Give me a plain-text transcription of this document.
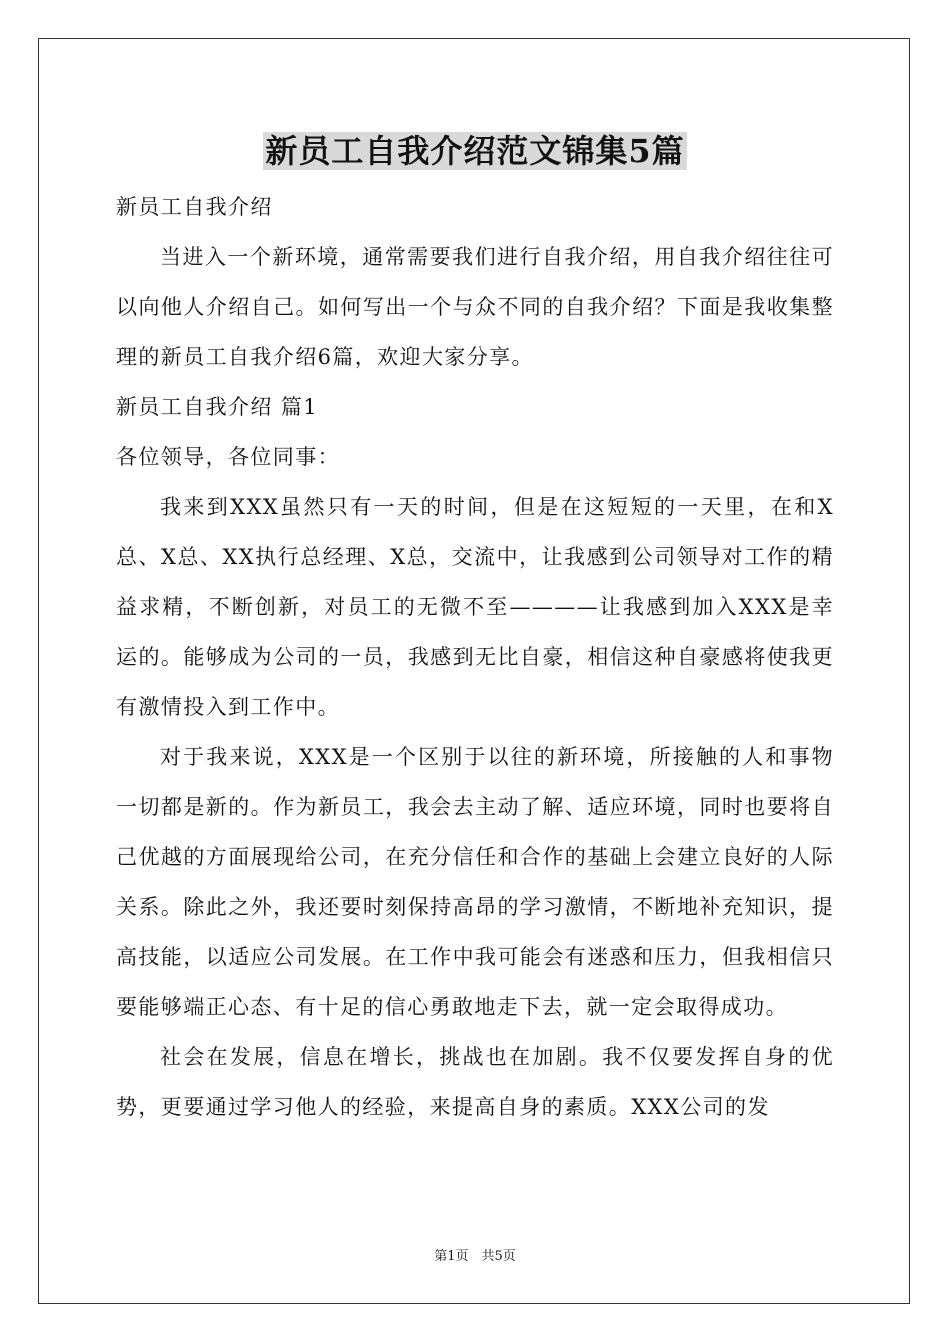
新员工自我介绍范文锦集5篇

新员工自我介绍

当进入一个新环境，通常需要我们进行自我介绍，用自我介绍往往可以向他人介绍自己。如何写出一个与众不同的自我介绍？下面是我收集整理的新员工自我介绍6篇，欢迎大家分享。

新员工自我介绍 篇1

各位领导，各位同事：

我来到XXX虽然只有一天的时间，但是在这短短的一天里，在和X总、X总、XX执行总经理、X总，交流中，让我感到公司领导对工作的精益求精，不断创新，对员工的无微不至————让我感到加入XXX是幸运的。能够成为公司的一员，我感到无比自豪，相信这种自豪感将使我更有激情投入到工作中。

对于我来说，XXX是一个区别于以往的新环境，所接触的人和事物一切都是新的。作为新员工，我会去主动了解、适应环境，同时也要将自己优越的方面展现给公司，在充分信任和合作的基础上会建立良好的人际关系。除此之外，我还要时刻保持高昂的学习激情，不断地补充知识，提高技能，以适应公司发展。在工作中我可能会有迷惑和压力，但我相信只要能够端正心态、有十足的信心勇敢地走下去，就一定会取得成功。

社会在发展，信息在增长，挑战也在加剧。我不仅要发挥自身的优势，更要通过学习他人的经验，来提高自身的素质。XXX公司的发

第1页　共5页
